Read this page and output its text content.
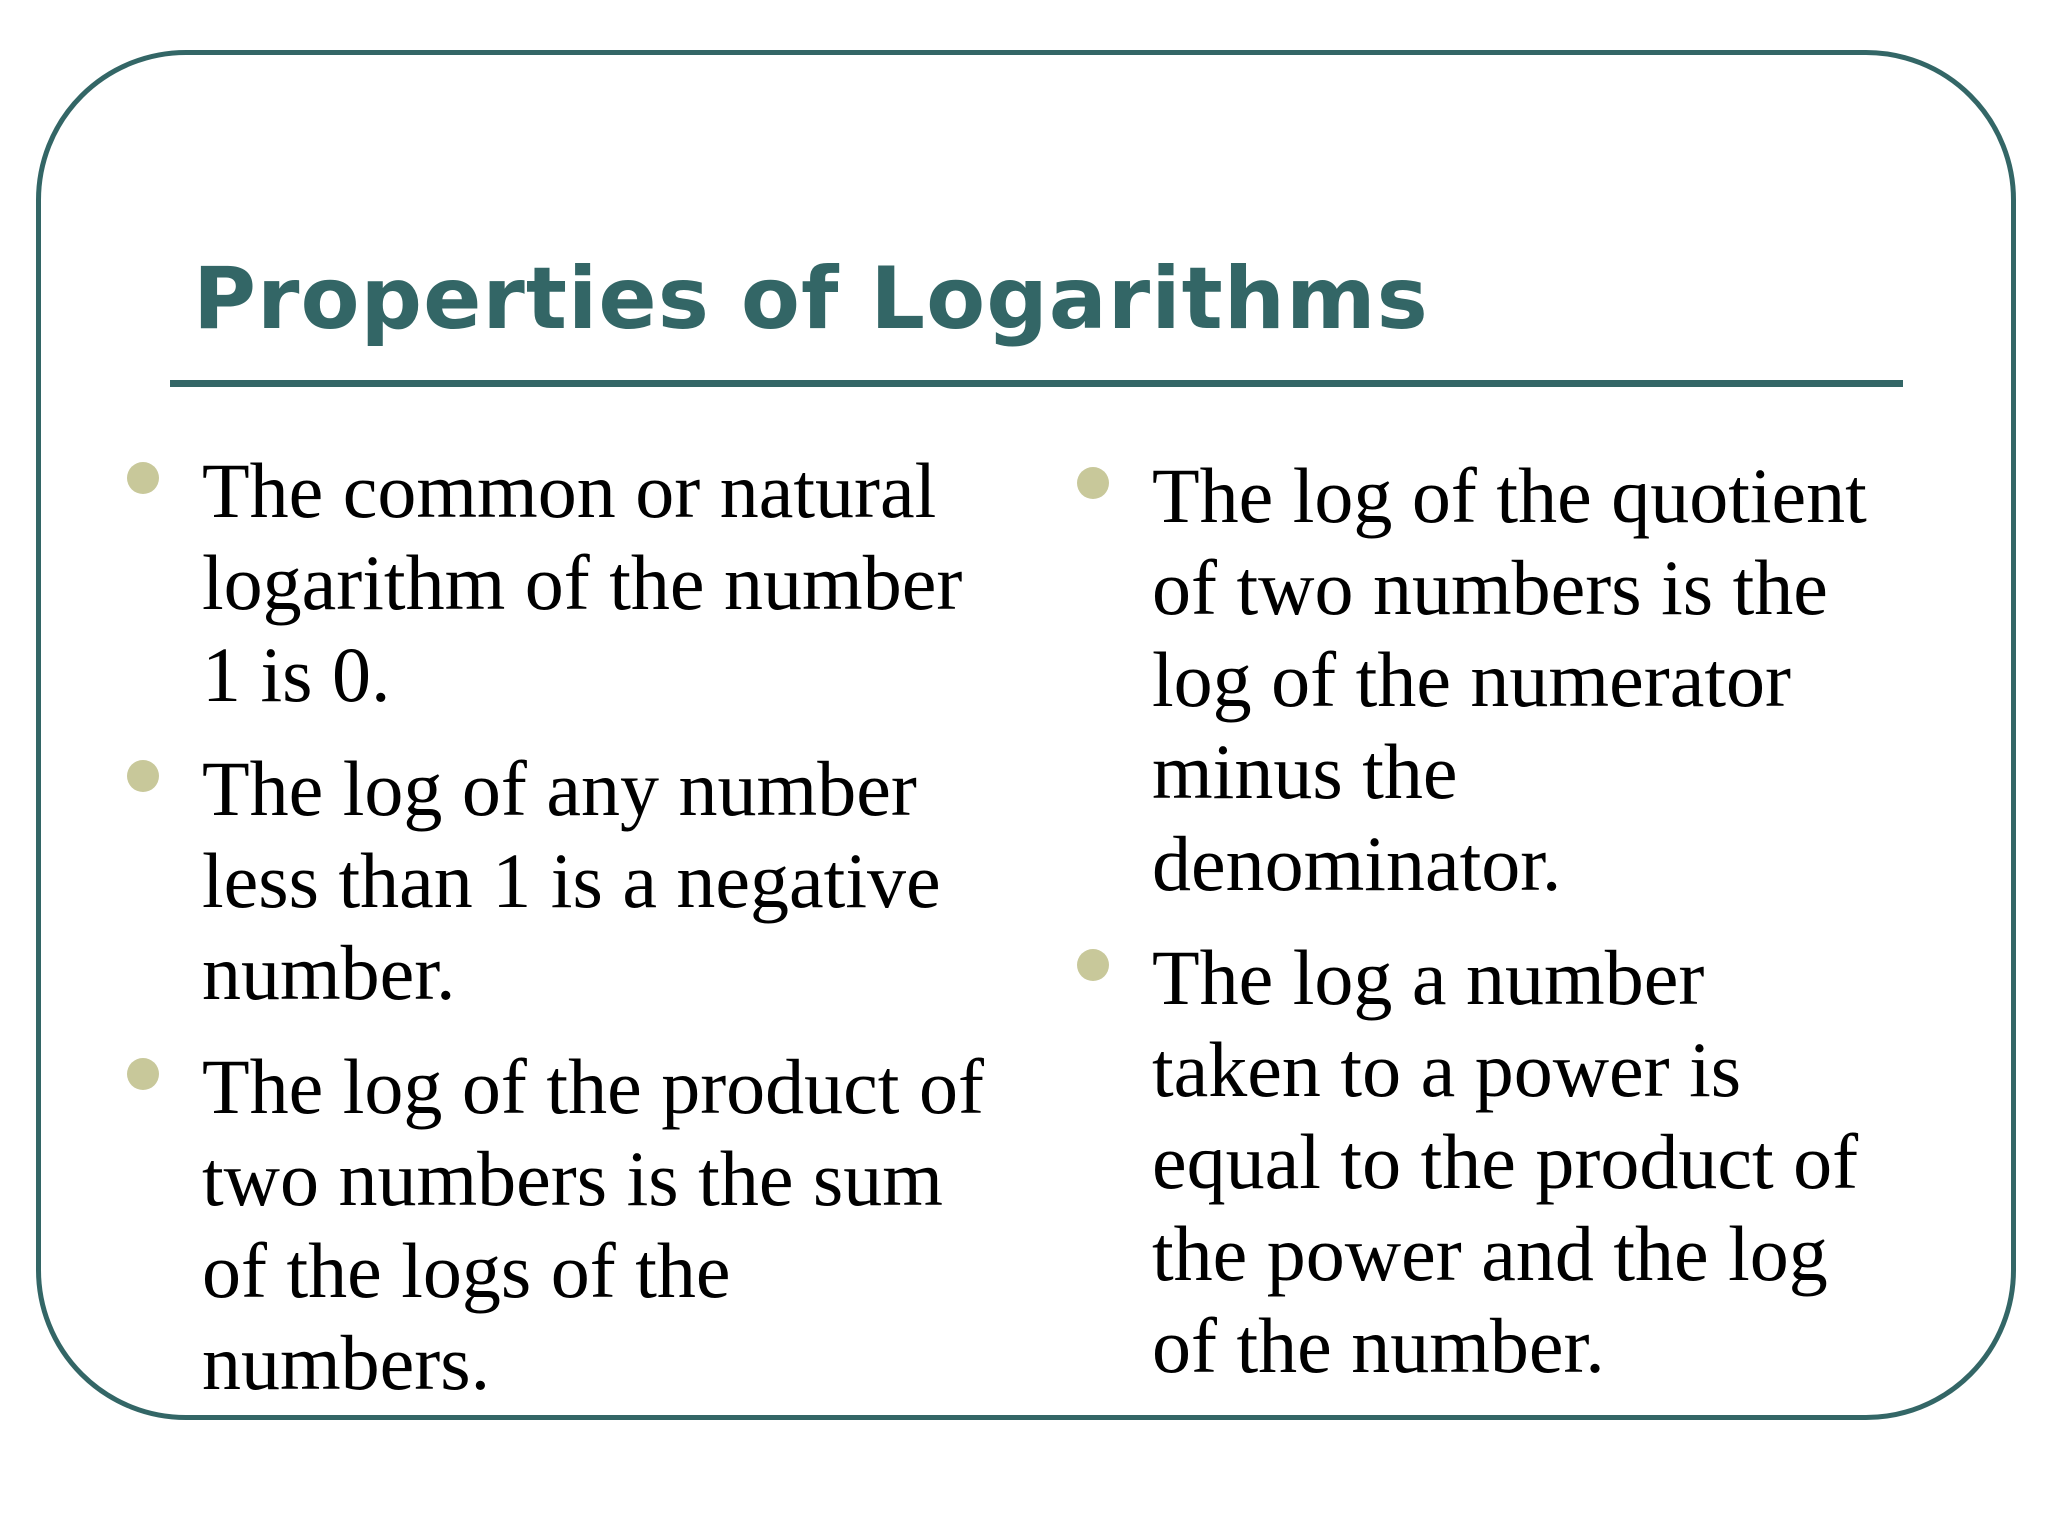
Properties of Logarithms
The common or natural
logarithm of the number
1 is 0.
The log of any number
less than 1 is a negative
number.
The log of the product of
two numbers is the sum
of the logs of the
numbers.
The log of the quotient
of two numbers is the
log of the numerator
minus the
denominator.
The log a number
taken to a power is
equal to the product of
the power and the log
of the number.
